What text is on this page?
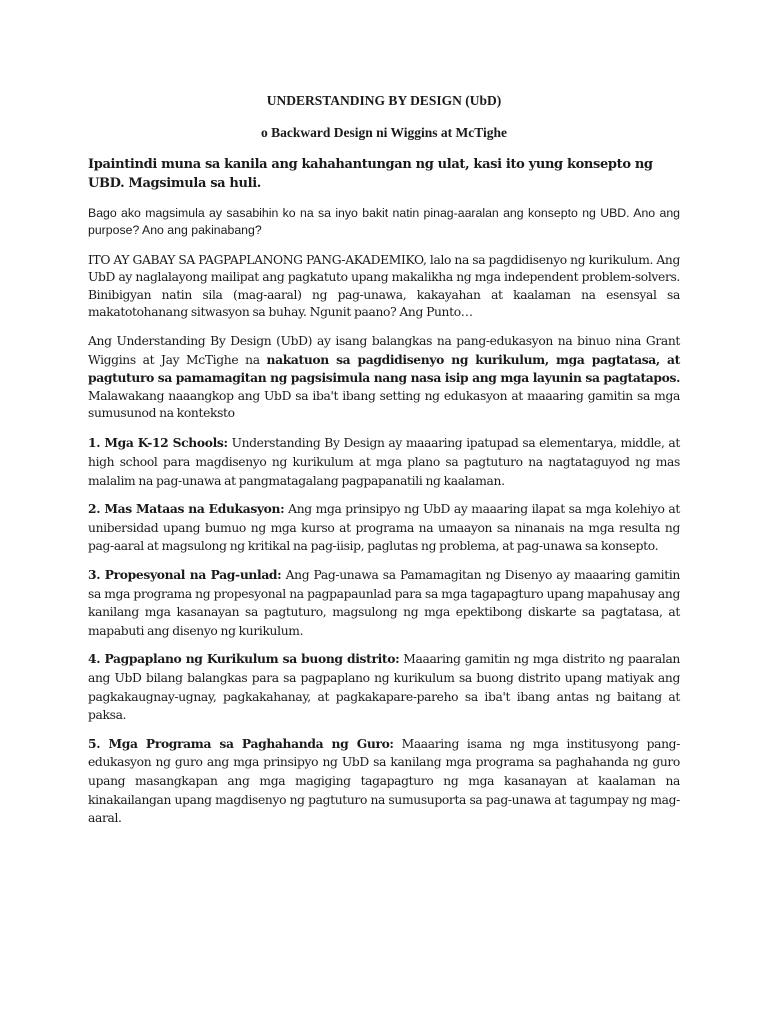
UNDERSTANDING BY DESIGN (UbD)
o Backward Design ni Wiggins at McTighe
Ipaintindi muna sa kanila ang kahahantungan ng ulat, kasi ito yung konsepto ng UBD. Magsimula sa huli.
Bago ako magsimula ay sasabihin ko na sa inyo bakit natin pinag-aaralan ang konsepto ng UBD. Ano ang purpose? Ano ang pakinabang?
ITO AY GABAY SA PAGPAPLANONG PANG-AKADEMIKO, lalo na sa pagdidisenyo ng kurikulum. Ang UbD ay naglalayong mailipat ang pagkatuto upang makalikha ng mga independent problem-solvers. Binibigyan natin sila (mag-aaral) ng pag-unawa, kakayahan at kaalaman na esensyal sa makatotohanang sitwasyon sa buhay. Ngunit paano? Ang Punto…
Ang Understanding By Design (UbD) ay isang balangkas na pang-edukasyon na binuo nina Grant Wiggins at Jay McTighe na nakatuon sa pagdidisenyo ng kurikulum, mga pagtatasa, at pagtuturo sa pamamagitan ng pagsisimula nang nasa isip ang mga layunin sa pagtatapos. Malawakang naaangkop ang UbD sa iba't ibang setting ng edukasyon at maaaring gamitin sa mga sumusunod na konteksto
1. Mga K-12 Schools: Understanding By Design ay maaaring ipatupad sa elementarya, middle, at high school para magdisenyo ng kurikulum at mga plano sa pagtuturo na nagtataguyod ng mas malalim na pag-unawa at pangmatagalang pagpapanatili ng kaalaman.
2. Mas Mataas na Edukasyon: Ang mga prinsipyo ng UbD ay maaaring ilapat sa mga kolehiyo at unibersidad upang bumuo ng mga kurso at programa na umaayon sa ninanais na mga resulta ng pag-aaral at magsulong ng kritikal na pag-iisip, paglutas ng problema, at pag-unawa sa konsepto.
3. Propesyonal na Pag-unlad: Ang Pag-unawa sa Pamamagitan ng Disenyo ay maaaring gamitin sa mga programa ng propesyonal na pagpapaunlad para sa mga tagapagturo upang mapahusay ang kanilang mga kasanayan sa pagtuturo, magsulong ng mga epektibong diskarte sa pagtatasa, at mapabuti ang disenyo ng kurikulum.
4. Pagpaplano ng Kurikulum sa buong distrito: Maaaring gamitin ng mga distrito ng paaralan ang UbD bilang balangkas para sa pagpaplano ng kurikulum sa buong distrito upang matiyak ang pagkakaugnay-ugnay, pagkakahanay, at pagkakapare-pareho sa iba't ibang antas ng baitang at paksa.
5. Mga Programa sa Paghahanda ng Guro: Maaaring isama ng mga institusyong pang-edukasyon ng guro ang mga prinsipyo ng UbD sa kanilang mga programa sa paghahanda ng guro upang masangkapan ang mga magiging tagapagturo ng mga kasanayan at kaalaman na kinakailangan upang magdisenyo ng pagtuturo na sumusuporta sa pag-unawa at tagumpay ng mag-aaral.
